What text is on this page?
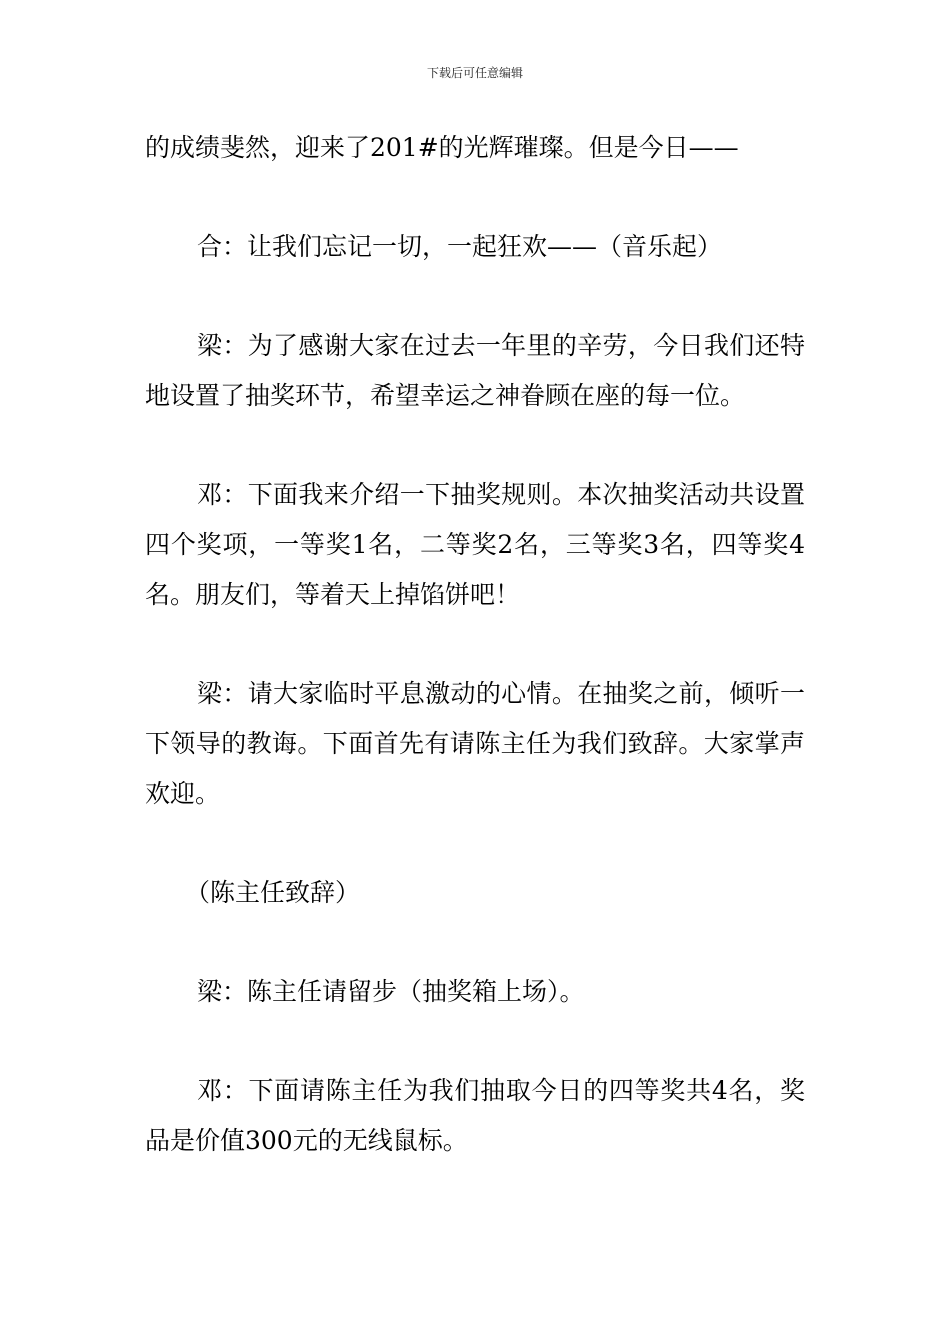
下载后可任意编辑

的成绩斐然，迎来了201#的光辉璀璨。但是今日——

合：让我们忘记一切，一起狂欢——（音乐起）

梁：为了感谢大家在过去一年里的辛劳，今日我们还特地设置了抽奖环节，希望幸运之神眷顾在座的每一位。

邓：下面我来介绍一下抽奖规则。本次抽奖活动共设置四个奖项，一等奖1名，二等奖2名，三等奖3名，四等奖4名。朋友们，等着天上掉馅饼吧！

梁：请大家临时平息激动的心情。在抽奖之前，倾听一下领导的教诲。下面首先有请陈主任为我们致辞。大家掌声欢迎。

（陈主任致辞）

梁：陈主任请留步（抽奖箱上场）。

邓：下面请陈主任为我们抽取今日的四等奖共4名，奖品是价值300元的无线鼠标。
